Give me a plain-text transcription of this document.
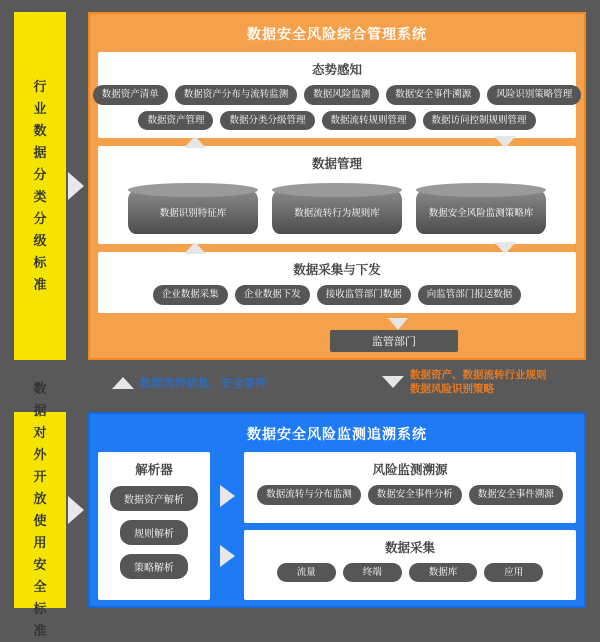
行业数据分类分级标准
数据对外开放使用安全标准
数据安全风险综合管理系统
态势感知
数据资产清单	数据资产分布与流转监测	数据风险监测	数据安全事件溯源	风险识别策略管理
数据资产管理	数据分类分级管理	数据流转规则管理	数据访问控制规则管理
数据管理
数据识别特征库	数据流转行为规则库	数据安全风险监测策略库
数据采集与下发
企业数据采集	企业数据下发	接收监管部门数据	向监管部门报送数据
监管部门
数据流转信息、安全事件
数据资产、数据流转行业规则
数据风险识别策略
数据安全风险监测追溯系统
解析器
数据资产解析
规则解析
策略解析
风险监测溯源
数据流转与分布监测	数据安全事件分析	数据安全事件溯源
数据采集
流量	终端	数据库	应用
